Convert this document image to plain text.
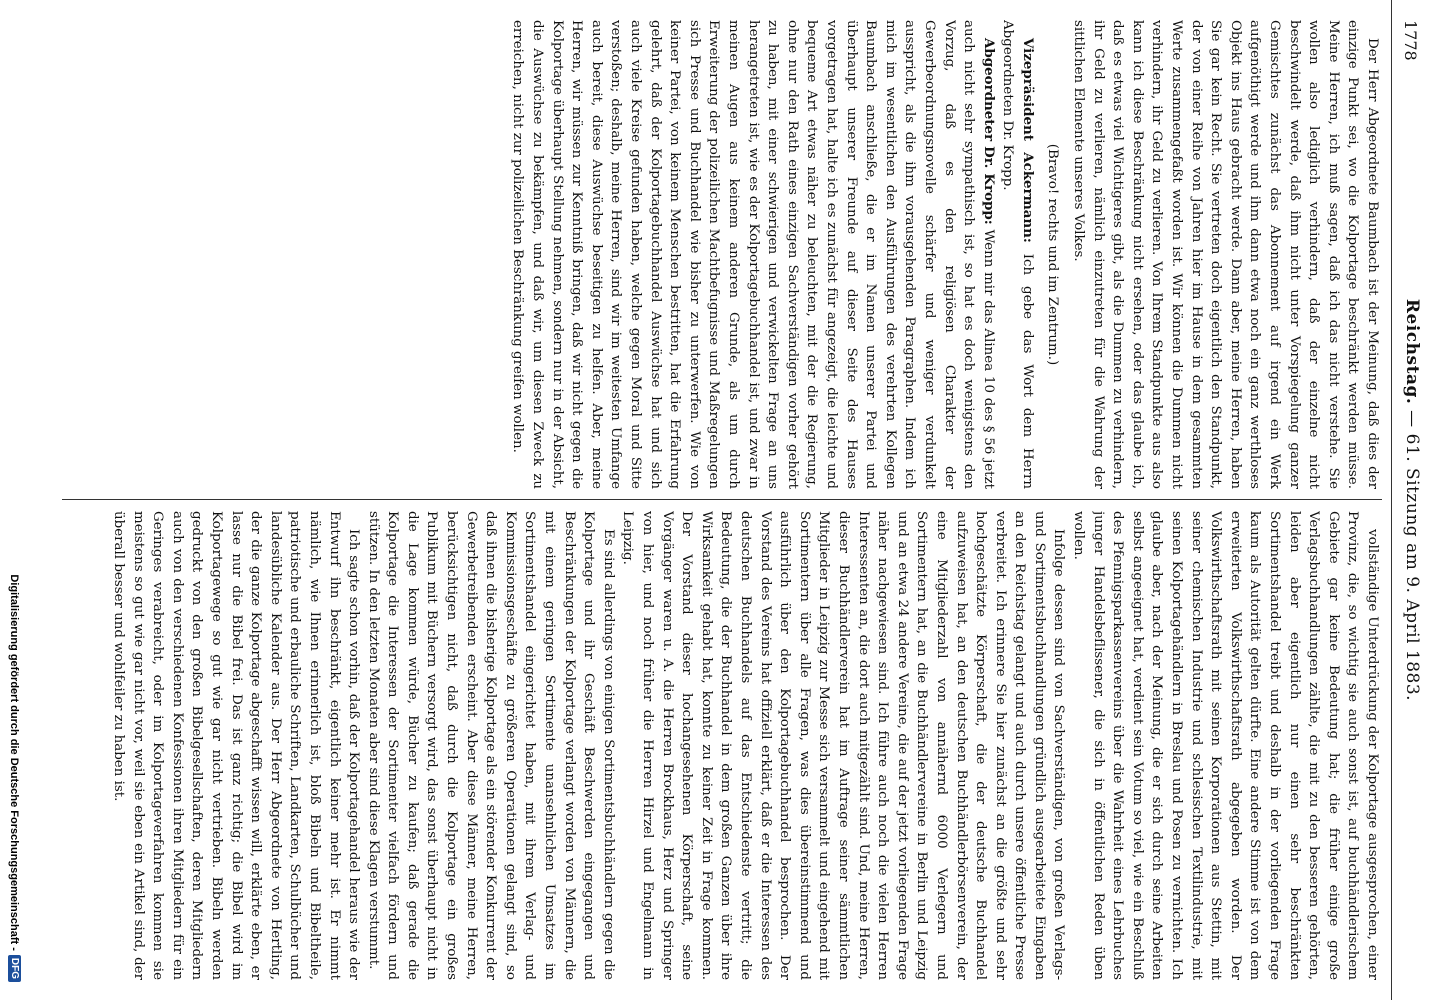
1778
Reichstag. — 61. Sitzung am 9. April 1883.

Der Herr Abgeordnete Baumbach ist der Meinung, daß dies der einzige Punkt sei, wo die Kolportage beschränkt werden müsse. Meine Herren, ich muß sagen, daß ich das nicht verstehe. Sie wollen also lediglich verhindern, daß der einzelne nicht beschwindelt werde, daß ihm nicht unter Vorspiegelung ganzer Gemischtes zunächst das Abonnement auf irgend ein Werk aufgenöthigt werde und ihm dann etwa noch ein ganz werthloses Objekt ins Haus gebracht werde. Dann aber, meine Herren, haben Sie gar kein Recht. Sie vertreten doch eigentlich den Standpunkt, der von einer Reihe von Jahren hier im Hause in dem gesammten Werte zusammengefaßt worden ist. Wir können die Dummen nicht verhindern, ihr Geld zu verlieren. Von Ihrem Standpunkte aus also kann ich diese Beschränkung nicht ersehen, oder das glaube ich, daß es etwas viel Wichtigeres gibt, als die Dummen zu verhindern, ihr Geld zu verlieren, nämlich einzutreten für die Wahrung der sittlichen Elemente unseres Volkes.

(Bravo! rechts und im Zentrum.)

Vizepräsident Ackermann: Ich gebe das Wort dem Herrn Abgeordneten Dr. Kropp.

Abgeordneter Dr. Kropp: Wenn mir das Alinea 10 des § 56 jetzt auch nicht sehr sympathisch ist, so hat es doch wenigstens den Vorzug, daß es den religiösen Charakter der Gewerbeordnungsnovelle schärfer und weniger verdunkelt ausspricht, als die ihm vorausgehenden Paragraphen. Indem ich mich im wesentlichen den Ausführungen des verehrten Kollegen Baumbach anschließe, die er im Namen unserer Partei und überhaupt unserer Freunde auf dieser Seite des Hauses vorgetragen hat, halte ich es zunächst für angezeigt, die leichte und bequeme Art etwas näher zu beleuchten, mit der die Regierung, ohne nur den Rath eines einzigen Sachverständigen vorher gehört zu haben, mit einer schwierigen und verwickelten Frage an uns herangetreten ist, wie es der Kolportagebuchhandel ist, und zwar in meinen Augen aus keinem anderen Grunde, als um durch Erweiterung der polizeilichen Machtbefugnisse und Maßregelungen sich Presse und Buchhandel wie bisher zu unterwerfen. Wie von keiner Partei, von keinem Menschen bestritten, hat die Erfahrung gelehrt, daß der Kolportagebuchhandel Auswüchse hat und sich auch viele Kreise gefunden haben, welche gegen Moral und Sitte verstoßen; deshalb, meine Herren, sind wir im weitesten Umfange auch bereit, diese Auswüchse beseitigen zu helfen. Aber, meine Herren, wir müssen zur Kenntniß bringen, daß wir nicht gegen die Kolportage überhaupt Stellung nehmen, sondern nur in der Absicht, die Auswüchse zu bekämpfen, und daß wir, um diesen Zweck zu erreichen, nicht zur polizeilichen Beschränkung greifen wollen.

vollständige Unterdrückung der Kolportage ausgesprochen, einer Provinz, die, so wichtig sie auch sonst ist, auf buchhändlerischem Gebiete gar keine Bedeutung hat; die früher einige große Verlagsbuchhandlungen zählte, die mit zu den besseren gehörten, leiden aber eigentlich nur einen sehr beschränkten Sortimentshandel treibt und deshalb in der vorliegenden Frage kaum als Autorität gelten dürfte. Eine andere Stimme ist von dem erweiterten Volkswirthschaftsrath abgegeben worden. Der Volkswirthschaftsrath mit seinen Korporationen aus Stettin, mit seiner chemischen Industrie und schlesischen Textilindustrie, mit seinen Kolportagehändlern in Breslau und Posen zu vernichten. Ich glaube aber, nach der Meinung, die er sich durch seine Arbeiten selbst angeeignet hat, verdient sein Votum so viel, wie ein Beschluß des Pfennigsparkassenvereins über die Wahrheit eines Lehrbuches junger Handelsbeflissener, die sich in öffentlichen Reden üben wollen.

Infolge dessen sind von Sachverständigen, von großen Verlags- und Sortimentsbuchhandlungen gründlich ausgearbeitete Eingaben an den Reichstag gelangt und auch durch unsere öffentliche Presse verbreitet. Ich erinnere Sie hier zunächst an die größte und sehr hochgeschätzte Körperschaft, die der deutsche Buchhandel aufzuweisen hat, an den deutschen Buchhändlerbörsenverein, der eine Mitgliederzahl von annähernd 6000 Verlegern und Sortimentern hat, an die Buchhändlervereine in Berlin und Leipzig und an etwa 24 andere Vereine, die auf der jetzt vorliegenden Frage näher nachgewiesen sind. Ich führe auch noch die vielen Herren Interessenten an, die dort auch mitgezählt sind. Und, meine Herren, dieser Buchhändlerverein hat im Auftrage seiner sämmtlichen Mitglieder in Leipzig zur Messe sich versammelt und eingehend mit Sortimentern über alle Fragen, was dies übereinstimmend und ausführlich über den Kolportagebuchhandel besprochen. Der Vorstand des Vereins hat offiziell erklärt, daß er die Interessen des deutschen Buchhandels auf das Entschiedenste vertritt; die Bedeutung, die der Buchhandel in dem großen Ganzen über ihre Wirksamkeit gehabt hat, konnte zu keiner Zeit in Frage kommen. Der Vorstand dieser hochangesehenen Körperschaft, seine Vorgänger waren u. A. die Herren Brockhaus, Herz und Springer von hier, und noch früher die Herren Hirzel und Engelmann in Leipzig.

Es sind allerdings von einigen Sortimentsbuchhändlern gegen die Kolportage und ihr Geschäft Beschwerden eingegangen und Beschränkungen der Kolportage verlangt worden von Männern, die mit einem geringen Sortimente unansehnlichen Umsatzes im Sortimentshandel eingerichtet haben, mit ihrem Verlag- und Kommissionsgeschäfte zu größeren Operationen gelangt sind, so daß ihnen die bisherige Kolportage als ein störender Konkurrent der Gewerbetreibenden erscheint. Aber diese Männer, meine Herren, berücksichtigen nicht, daß durch die Kolportage ein großes Publikum mit Büchern versorgt wird, das sonst überhaupt nicht in die Lage kommen würde, Bücher zu kaufen; daß gerade die Kolportage die Interessen der Sortimenter vielfach fördern und stützen. In den letzten Monaten aber sind diese Klagen verstummt.

Ich sagte schon vorhin, daß der Kolportagehandel heraus wie der Entwurf ihn beschränkt, eigentlich keiner mehr ist. Er nimmt nämlich, wie Ihnen erinnerlich ist, bloß Bibeln und Bibeltheile, patriotische und erbauliche Schriften, Landkarten, Schulbücher und landesübliche Kalender aus. Der Herr Abgeordnete von Hertling, der die ganze Kolportage abgeschafft wissen will, erklärte eben, er lasse nur die Bibel frei. Das ist ganz richtig; die Bibel wird im Kolportagewege so gut wie gar nicht vertrieben. Bibeln werden gedruckt von den großen Bibelgesellschaften, deren Mitgliedern auch von den verschiedenen Konfessionen ihren Mitgliedern für ein Geringes verabreicht, oder im Kolportageverfahren kommen sie meistens so gut wie gar nicht vor, weil sie eben ein Artikel sind, der überall besser und wohlfeiler zu haben ist.

Digitalisierung gefördert durch die Deutsche Forschungsgemeinschaft -
DFG
